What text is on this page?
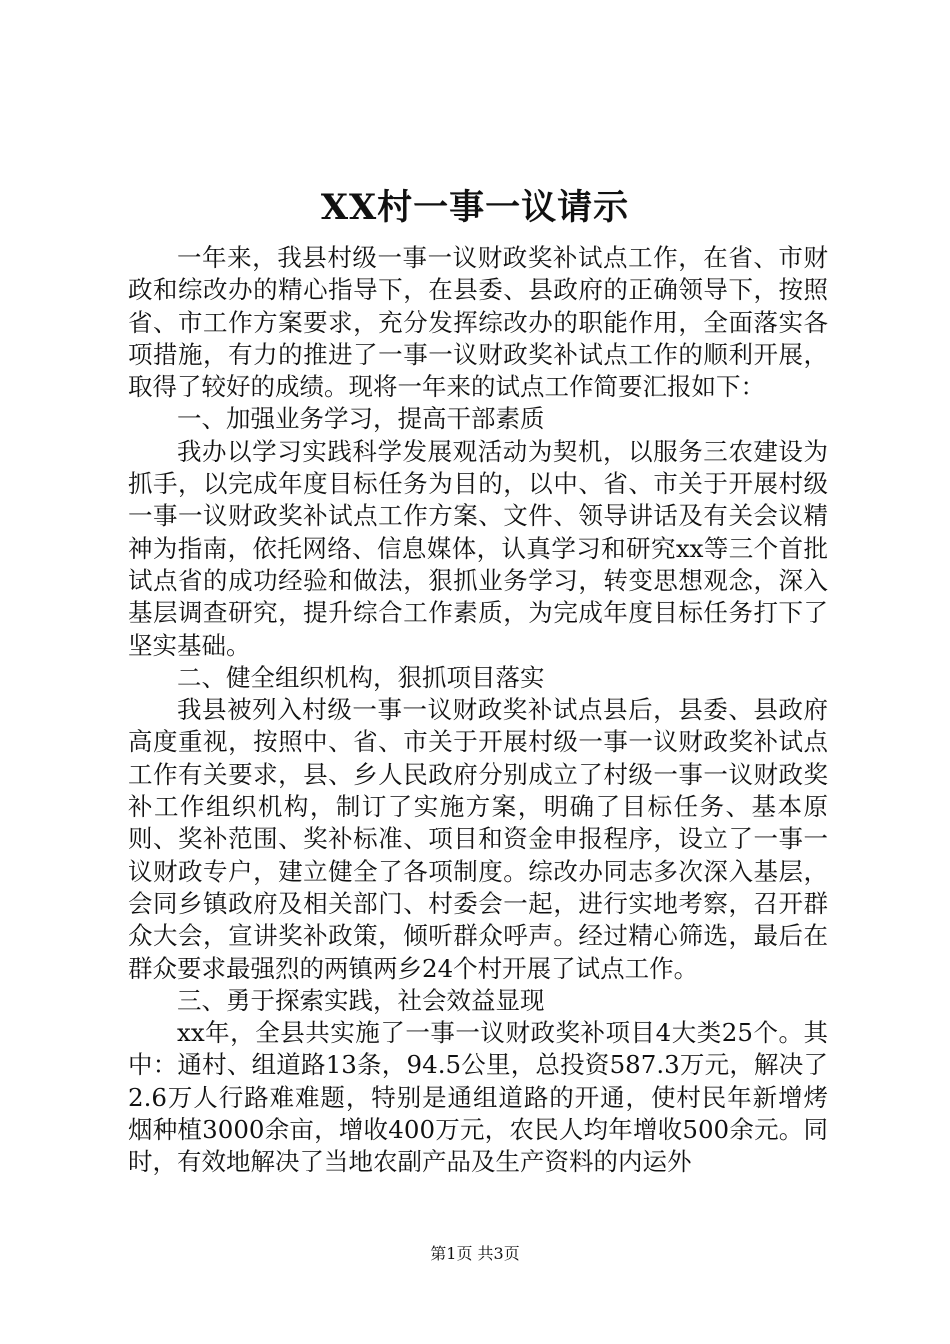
XX村一事一议请示

一年来，我县村级一事一议财政奖补试点工作，在省、市财政和综改办的精心指导下，在县委、县政府的正确领导下，按照省、市工作方案要求，充分发挥综改办的职能作用，全面落实各项措施，有力的推进了一事一议财政奖补试点工作的顺利开展，取得了较好的成绩。现将一年来的试点工作简要汇报如下：

一、加强业务学习，提高干部素质

我办以学习实践科学发展观活动为契机，以服务三农建设为抓手，以完成年度目标任务为目的，以中、省、市关于开展村级一事一议财政奖补试点工作方案、文件、领导讲话及有关会议精神为指南，依托网络、信息媒体，认真学习和研究xx等三个首批试点省的成功经验和做法，狠抓业务学习，转变思想观念，深入基层调查研究，提升综合工作素质，为完成年度目标任务打下了坚实基础。

二、健全组织机构，狠抓项目落实

我县被列入村级一事一议财政奖补试点县后，县委、县政府高度重视，按照中、省、市关于开展村级一事一议财政奖补试点工作有关要求，县、乡人民政府分别成立了村级一事一议财政奖补工作组织机构，制订了实施方案，明确了目标任务、基本原则、奖补范围、奖补标准、项目和资金申报程序，设立了一事一议财政专户，建立健全了各项制度。综改办同志多次深入基层，会同乡镇政府及相关部门、村委会一起，进行实地考察，召开群众大会，宣讲奖补政策，倾听群众呼声。经过精心筛选，最后在群众要求最强烈的两镇两乡24个村开展了试点工作。

三、勇于探索实践，社会效益显现

xx年，全县共实施了一事一议财政奖补项目4大类25个。其中：通村、组道路13条，94.5公里，总投资587.3万元，解决了2.6万人行路难难题，特别是通组道路的开通，使村民年新增烤烟种植3000余亩，增收400万元，农民人均年增收500余元。同时，有效地解决了当地农副产品及生产资料的内运外

第1页 共3页
